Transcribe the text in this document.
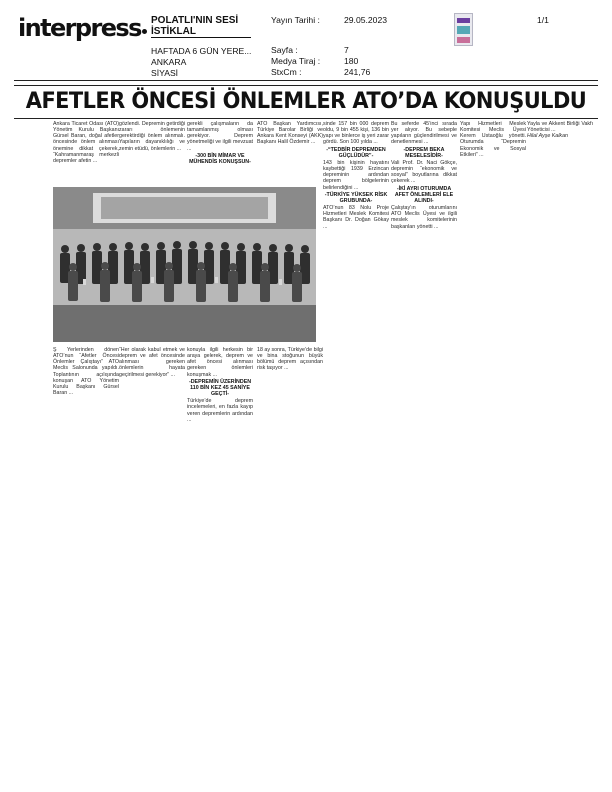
interpress	POLATLI'NIN SESİ
İSTİKLAL
HAFTADA 6 GÜN YERE...
ANKARA
SİYASİ
Yayın Tarihi :
Sayfa :
Medya Tiraj :
StxCm :
29.05.2023
7
180
241,76
1/1
AFETLER ÖNCESİ ÖNLEMLER ATO’DA KONUŞULDU

Ankara Ticaret Odası (ATO) Yönetim Kurulu Başkanı Gürsel Baran, doğal afetler öncesinde önlem alınması önemine dikkat çekerek, “Kahramanmaraş merkezli depremler afetin ...

gözlendi. Depremin getirdiği zararı önlemenin gerektirdiği önlem alınmalı. Yapıların dayanıklılığı ve zemin etüdü, önlemlerin ...

gerekli çalışmaların da tamamlanmış olması gerekiyor. Deprem yönetmeliği ve ilgili mevzuat ...

-300 BİN MİMAR VE MÜHENDİS KONUŞSUN-

ATO Başkan Yardımcısı, Türkiye Barolar Birliği ve Ankara Kent Konseyi (AKK) Başkanı Halil Özdemir ...

sinde 157 bin 000 deprem oldu, 9 bin 455 kişi, 136 bin yapı ve binlerce iş yeri zarar gördü. Son 100 yılda ...

-“TEDBİR DEPREMDEN GÜÇLÜDÜR”-

143 bin kişinin hayatını kaybettiği 1939 Erzincan depreminin ardından deprem bölgelerinin belirlendiğini ...

-TÜRKİYE YÜKSEK RİSK GRUBUNDA-

ATO’nun 83 Nolu Proje Hizmetleri Meslek Komitesi Başkanı Dr. Doğan Gökay ...

Bu seferde 45’inci sırada yer alıyor. Bu sebeple yapıların güçlendirilmesi ve denetlenmesi ...

-DEPREM BEKA MESELESİDİR-

Vali Prof. Dr. Naci Gökçe, depremin “ekonomik ve sosyal” boyutlarına dikkat çekerek ...

-İKİ AYRI OTURUMDA AFET ÖNLEMLERİ ELE ALINDI-

Çalıştay’ın oturumlarını ATO Meclis Üyesi ve ilgili meslek komitelerinin başkanları yönetti ...

Yapı Hizmetleri Meslek Komitesi Meclis Üyesi Kerem Ustaoğlu yönetti. Oturumda “Depremin Ekonomik ve Sosyal Etkileri” ...

Yayla ve Akkent Birliği Vakfı Yöneticisi ...

Hilal Ayşe Kalkan

Ş Yerlerinden dönen ATO’nun “Afetler Öncesi Önlemler Çalıştayı” ATO Meclis Salonunda yapıldı. Toplantının açılışında konuşan ATO Yönetim Kurulu Başkanı Gürsel Baran ...

“Her olarak kabul etmek ve deprem ve afet öncesinde alınması gereken önlemlerin hayata geçirilmesi gerekiyor” ...

konuyla ilgili herkesin bir araya gelerek, deprem ve afet öncesi alınması gereken önlemleri konuşmak ...

-DEPREMİN ÜZERİNDEN 110 BİN KEZ 45 SANİYE GEÇTİ-

Türkiye’de deprem incelemeleri, en fazla kayıp veren depremlerin ardından ...

18 ay sonra, Türkiye’de bilgi ve bina stoğunun büyük bölümü deprem açısından risk taşıyor ...
